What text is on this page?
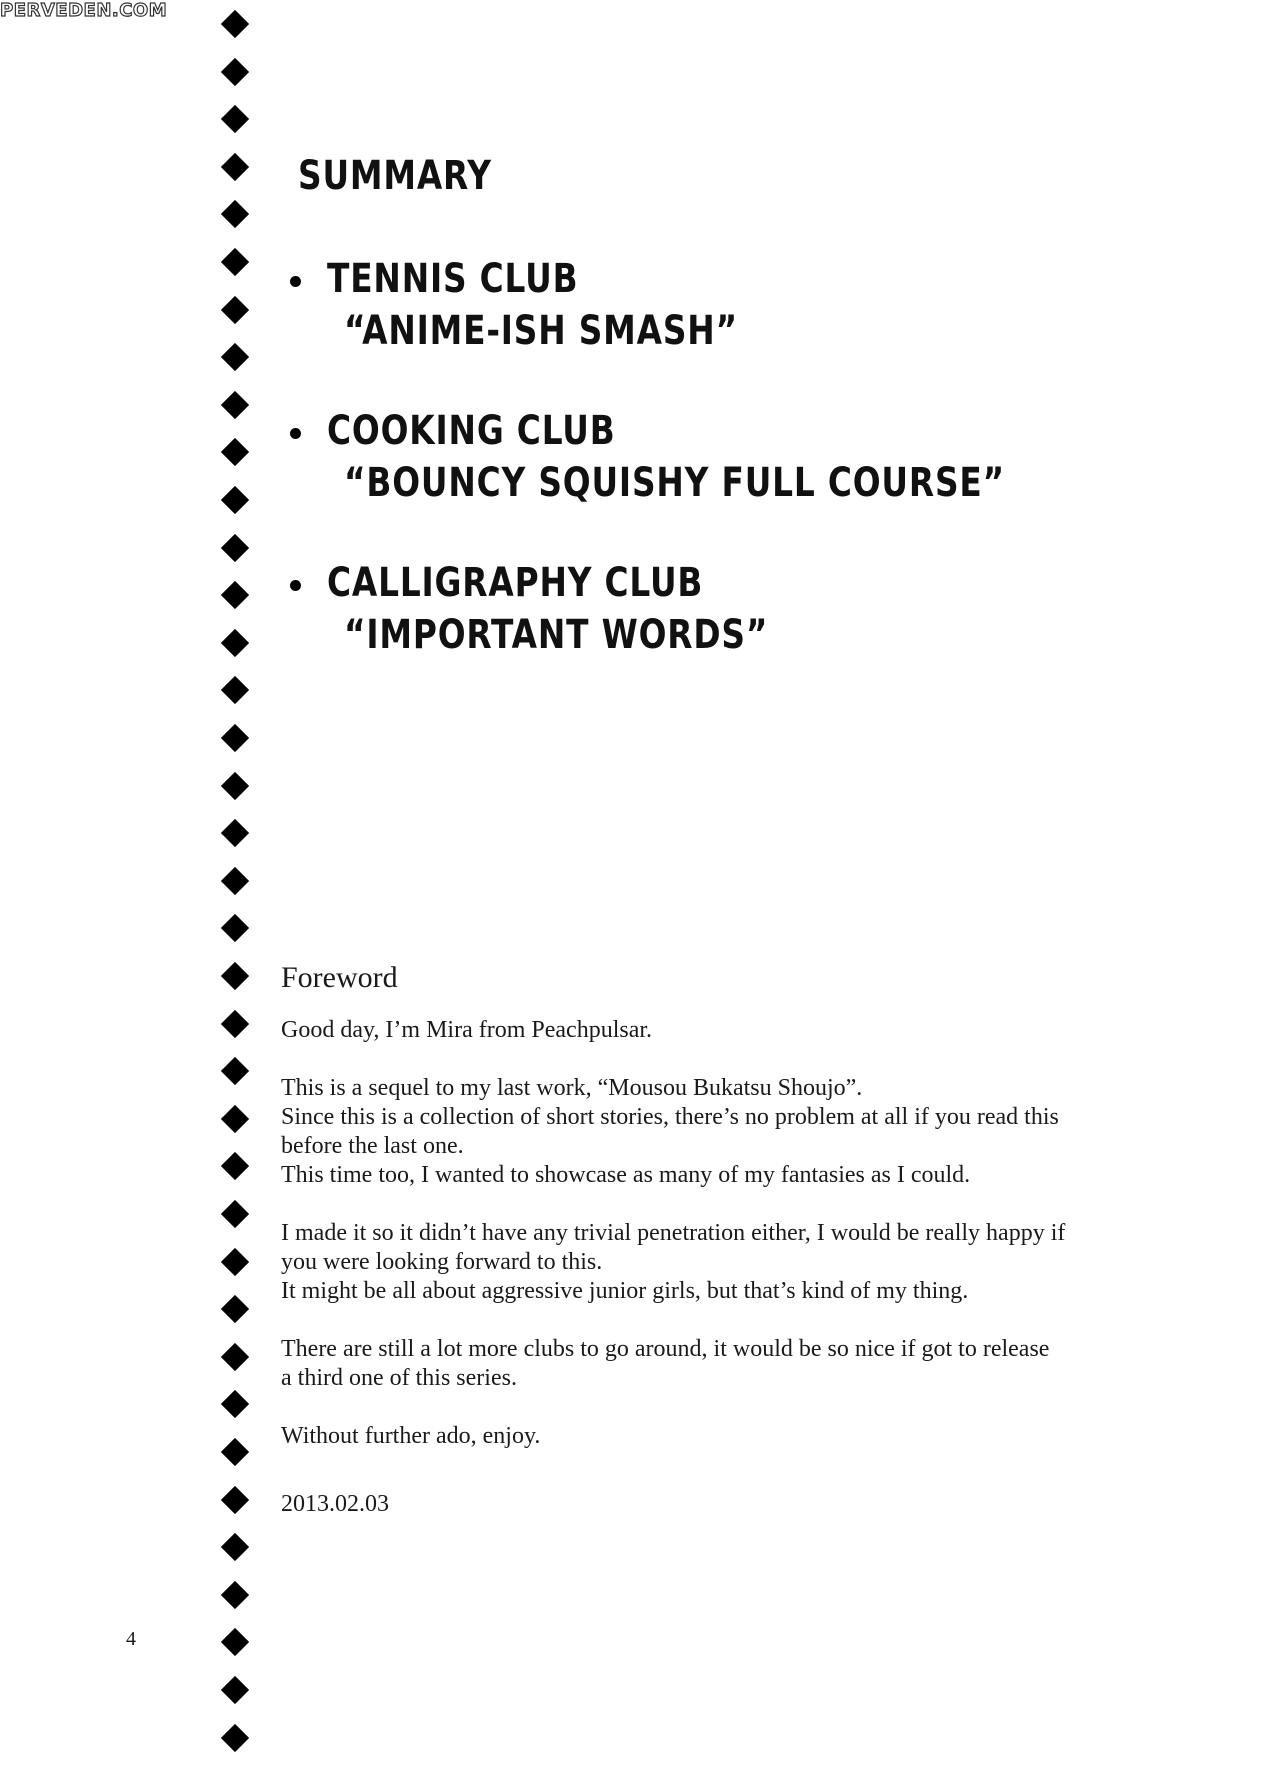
PERVEDEN.COM
SUMMARY
TENNIS CLUB
“ANIME-ISH SMASH”
COOKING CLUB
“BOUNCY SQUISHY FULL COURSE”
CALLIGRAPHY CLUB
“IMPORTANT WORDS”
Foreword

Good day, I’m Mira from Peachpulsar.

This is a sequel to my last work, “Mousou Bukatsu Shoujo”.
Since this is a collection of short stories, there’s no problem at all if you read this
before the last one.
This time too, I wanted to showcase as many of my fantasies as I could.

I made it so it didn’t have any trivial penetration either, I would be really happy if
you were looking forward to this.
It might be all about aggressive junior girls, but that’s kind of my thing.

There are still a lot more clubs to go around, it would be so nice if got to release
a third one of this series.

Without further ado, enjoy.

2013.02.03
4
